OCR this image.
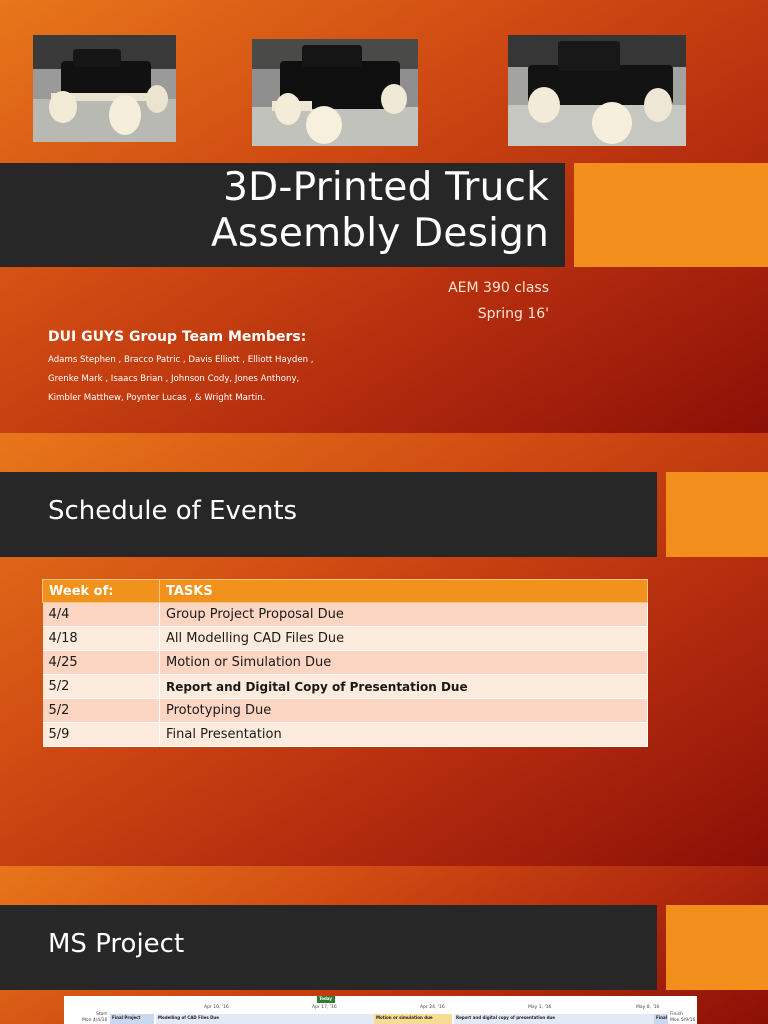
3D-Printed Truck
Assembly Design
AEM 390 class
Spring 16'
DUI GUYS Group Team Members:
Adams Stephen , Bracco Patric , Davis Elliott , Elliott Hayden ,
Grenke Mark , Isaacs Brian , Johnson Cody, Jones Anthony,
Kimbler Matthew, Poynter Lucas , & Wright Martin.
Schedule of Events
Week of:	TASKS
4/4	Group Project Proposal Due
4/18	All Modelling CAD Files Due
4/25	Motion or Simulation Due
5/2	Report and Digital Copy of Presentation Due
5/2	Prototyping Due
5/9	Final Presentation
MS Project
Today
Apr 10, '16	Apr 17, '16	Apr 24, '16	May 1, '16	May 8, '16
Start
Mon 4/4/16
Finish
Mon 5/9/16
Final Project	Modelling of CAD Files Due	Motion or simulation due	Report and digital copy of presentation due	Final
